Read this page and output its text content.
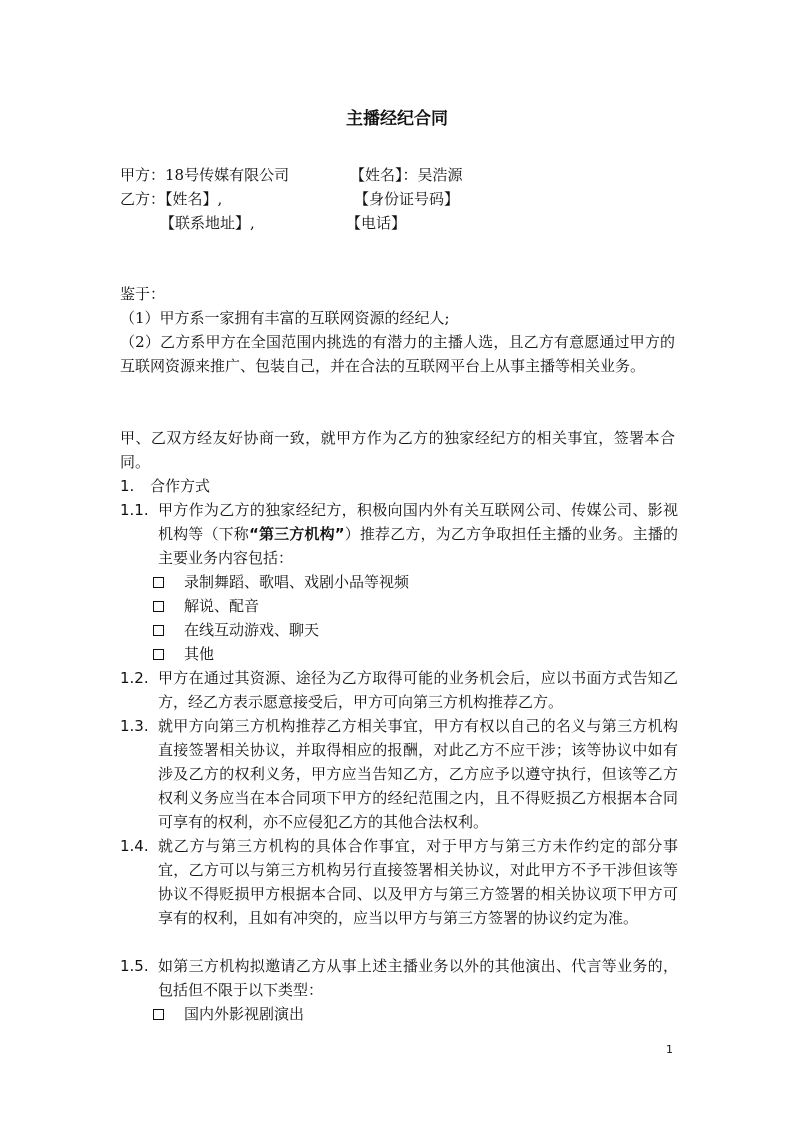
主播经纪合同
甲方：18号传媒有限公司	【姓名】：吴浩源
乙方：【姓名】,	【身份证号码】
【联系地址】,	【电话】
鉴于：
（1）甲方系一家拥有丰富的互联网资源的经纪人;
（2）乙方系甲方在全国范围内挑选的有潜力的主播人选，且乙方有意愿通过甲方的互联网资源来推广、包装自己，并在合法的互联网平台上从事主播等相关业务。
甲、乙双方经友好协商一致，就甲方作为乙方的独家经纪方的相关事宜，签署本合同。
1. 合作方式
1.1. 甲方作为乙方的独家经纪方，积极向国内外有关互联网公司、传媒公司、影视机构等（下称“第三方机构”）推荐乙方，为乙方争取担任主播的业务。主播的主要业务内容包括：
录制舞蹈、歌唱、戏剧小品等视频
解说、配音
在线互动游戏、聊天
其他
1.2. 甲方在通过其资源、途径为乙方取得可能的业务机会后，应以书面方式告知乙方，经乙方表示愿意接受后，甲方可向第三方机构推荐乙方。
1.3. 就甲方向第三方机构推荐乙方相关事宜，甲方有权以自己的名义与第三方机构直接签署相关协议，并取得相应的报酬，对此乙方不应干涉；该等协议中如有涉及乙方的权利义务，甲方应当告知乙方，乙方应予以遵守执行，但该等乙方权利义务应当在本合同项下甲方的经纪范围之内，且不得贬损乙方根据本合同可享有的权利，亦不应侵犯乙方的其他合法权利。
1.4. 就乙方与第三方机构的具体合作事宜，对于甲方与第三方未作约定的部分事宜，乙方可以与第三方机构另行直接签署相关协议，对此甲方不予干涉但该等协议不得贬损甲方根据本合同、以及甲方与第三方签署的相关协议项下甲方可享有的权利，且如有冲突的，应当以甲方与第三方签署的协议约定为准。
1.5. 如第三方机构拟邀请乙方从事上述主播业务以外的其他演出、代言等业务的，包括但不限于以下类型：
国内外影视剧演出
1
